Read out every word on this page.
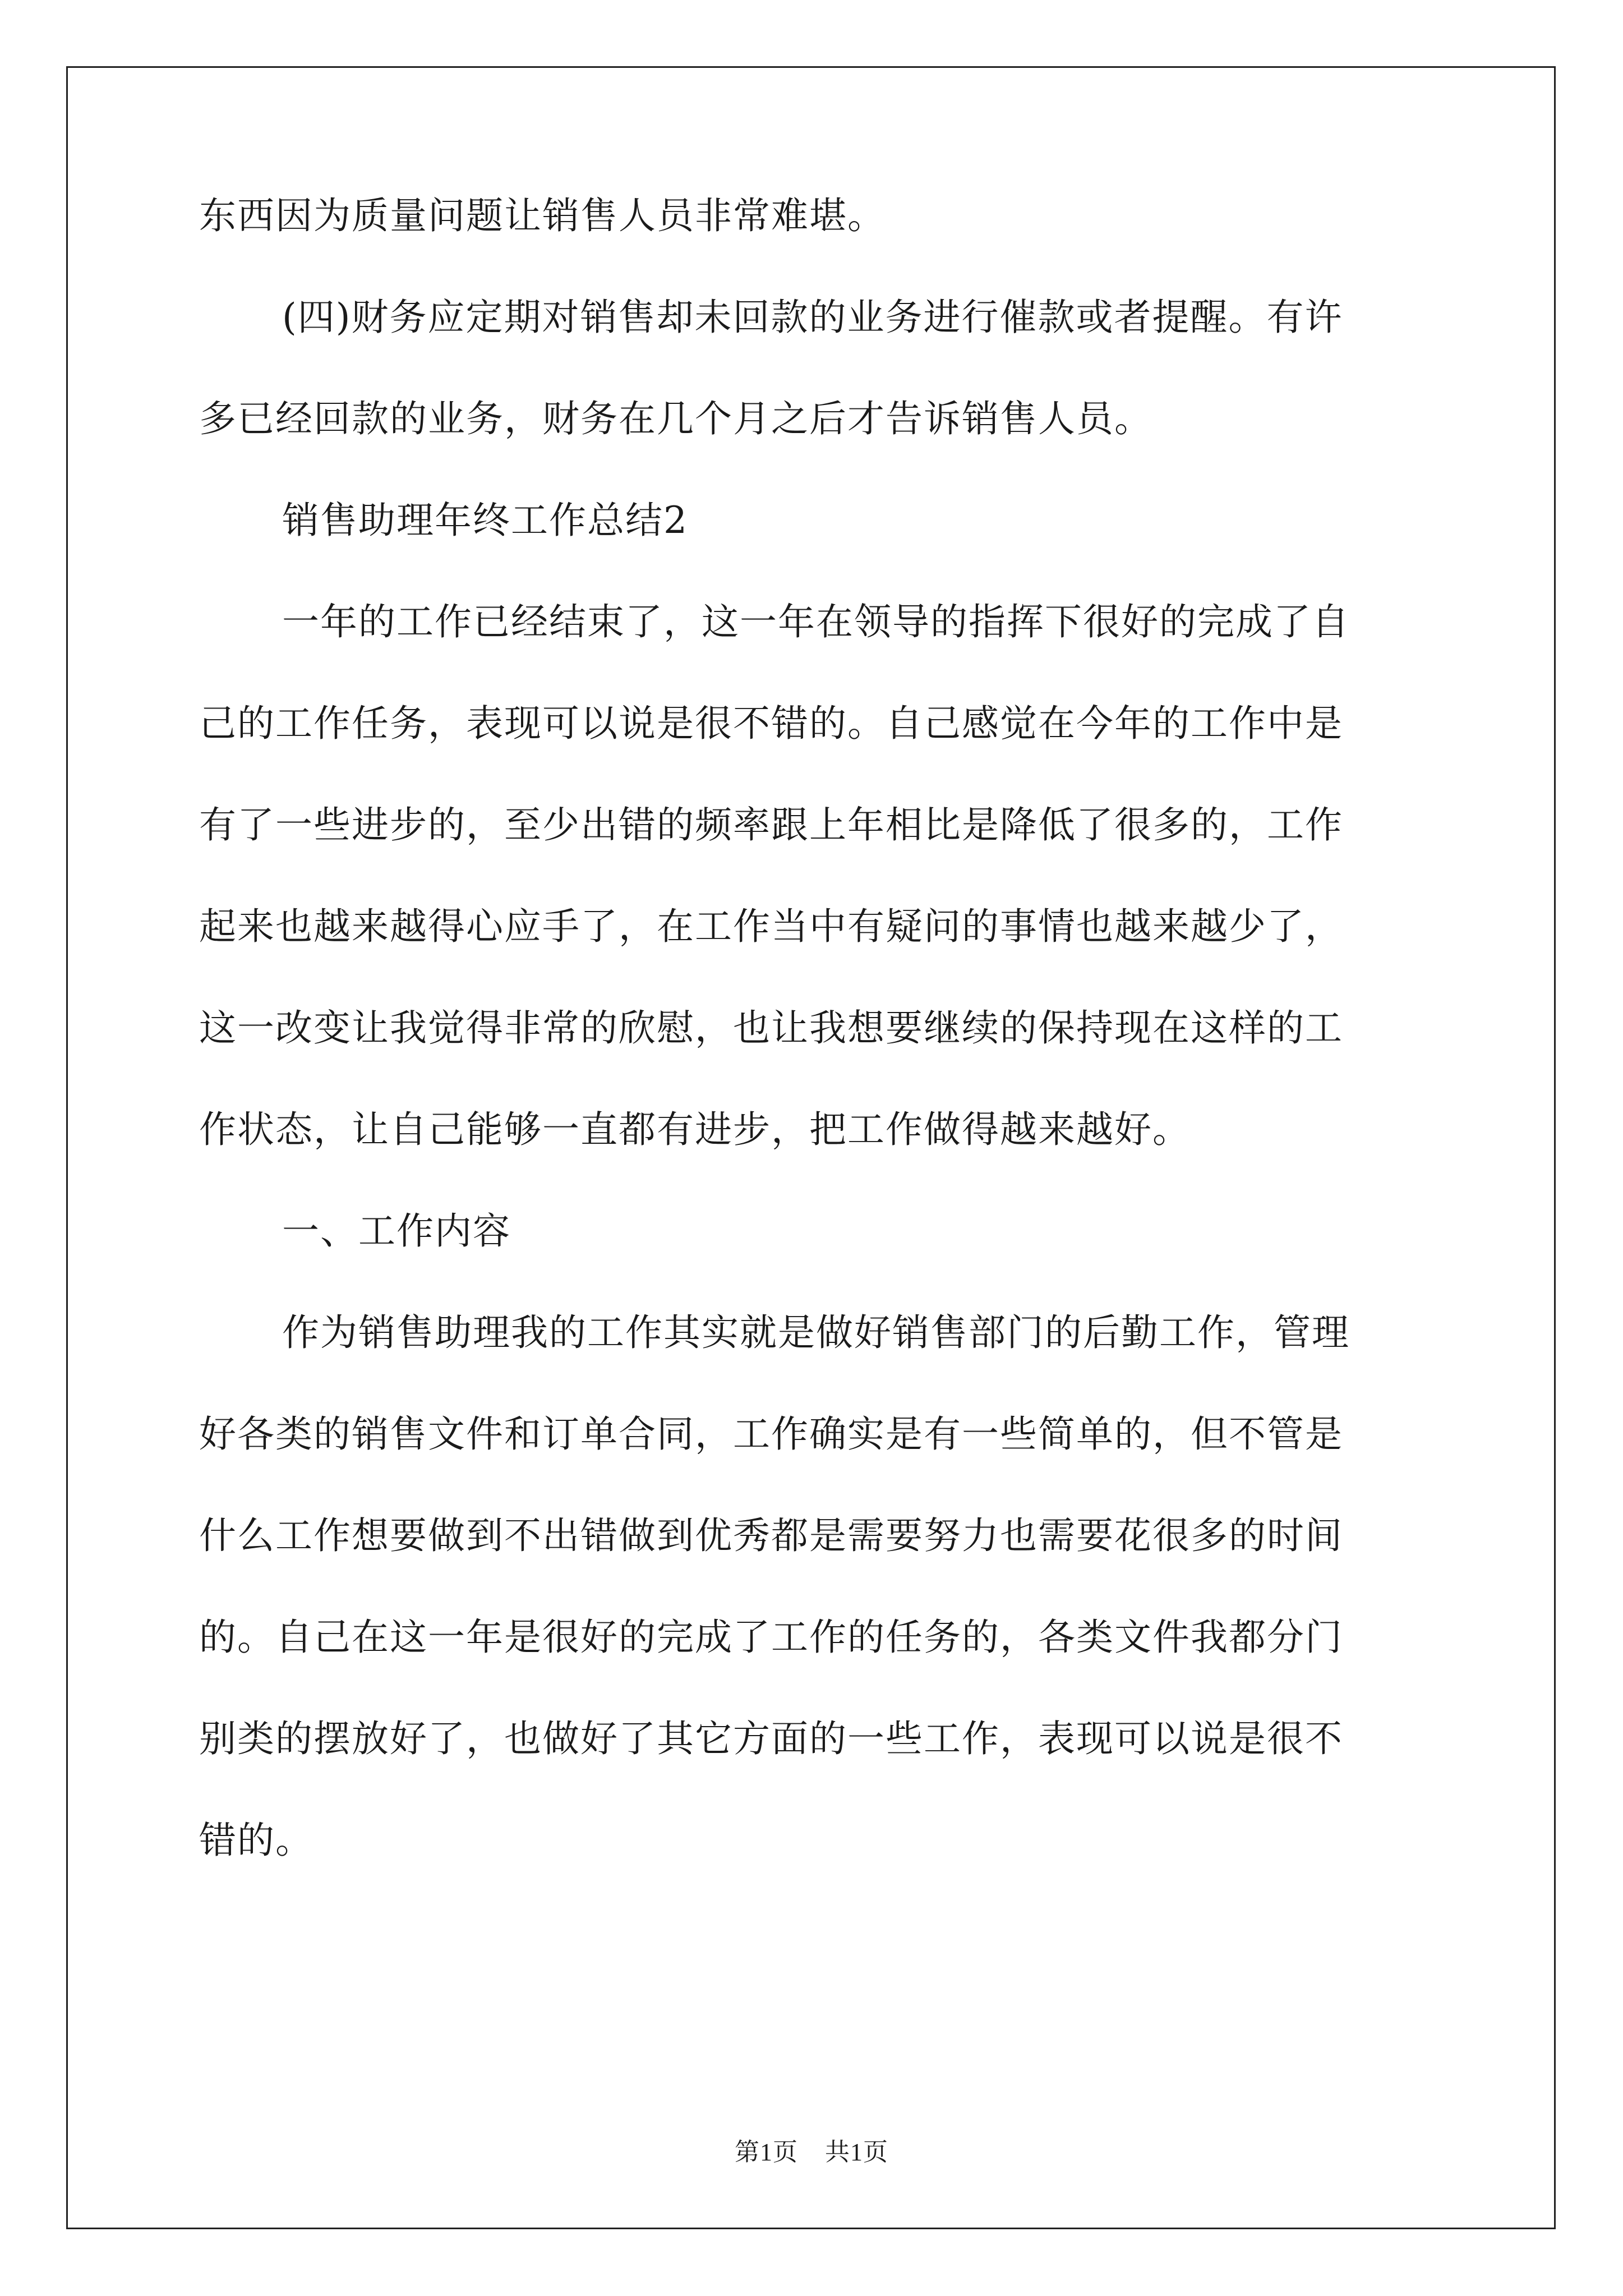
东西因为质量问题让销售人员非常难堪。
(四)财务应定期对销售却未回款的业务进行催款或者提醒。有许
多已经回款的业务，财务在几个月之后才告诉销售人员。
销售助理年终工作总结2
一年的工作已经结束了，这一年在领导的指挥下很好的完成了自
己的工作任务，表现可以说是很不错的。自己感觉在今年的工作中是
有了一些进步的，至少出错的频率跟上年相比是降低了很多的，工作
起来也越来越得心应手了，在工作当中有疑问的事情也越来越少了，
这一改变让我觉得非常的欣慰，也让我想要继续的保持现在这样的工
作状态，让自己能够一直都有进步，把工作做得越来越好。
一、工作内容
作为销售助理我的工作其实就是做好销售部门的后勤工作，管理
好各类的销售文件和订单合同，工作确实是有一些简单的，但不管是
什么工作想要做到不出错做到优秀都是需要努力也需要花很多的时间
的。自己在这一年是很好的完成了工作的任务的，各类文件我都分门
别类的摆放好了，也做好了其它方面的一些工作，表现可以说是很不
错的。
第1页 共1页
